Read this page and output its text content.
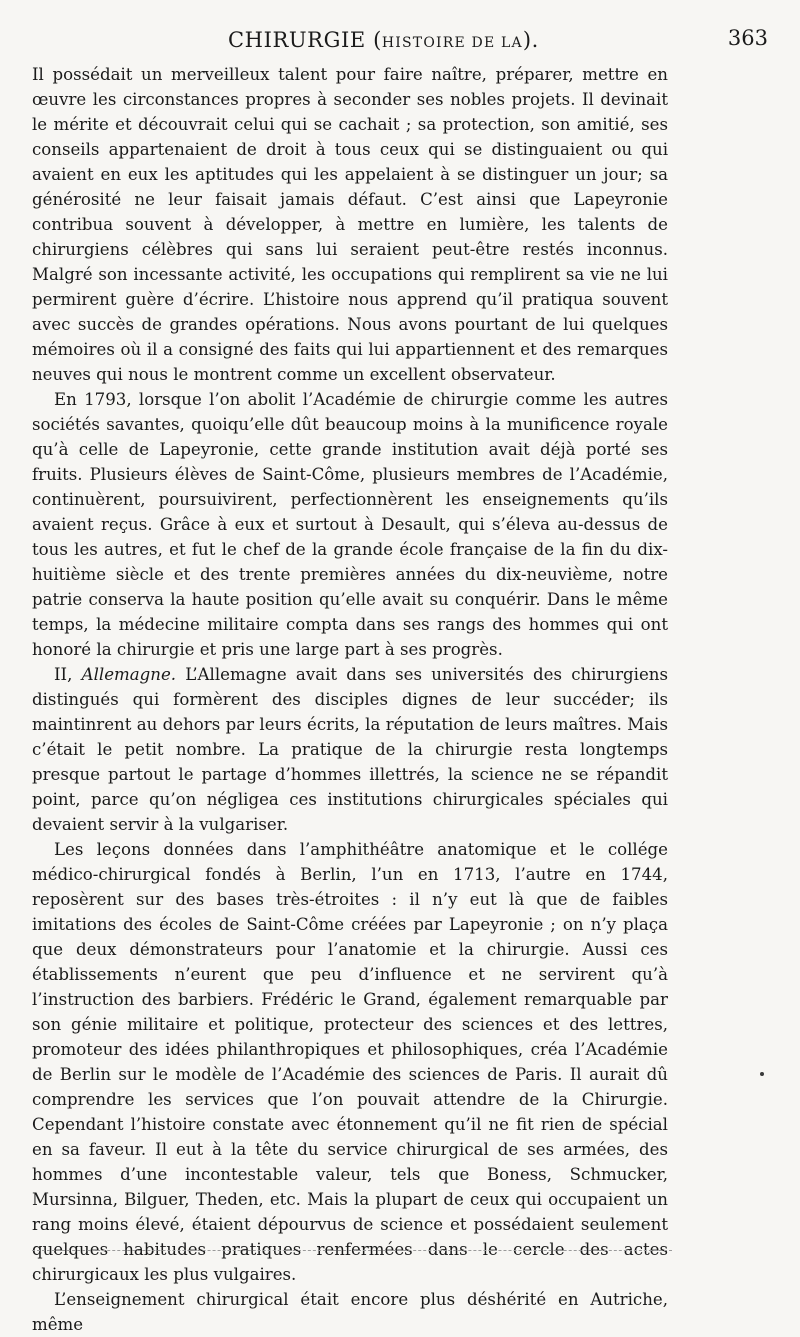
CHIRURGIE (HISTOIRE DE LA).	363

Il possédait un merveilleux talent pour faire naître, préparer, mettre en œuvre les circonstances propres à seconder ses nobles projets. Il devinait le mérite et découvrait celui qui se cachait ; sa protection, son amitié, ses conseils appartenaient de droit à tous ceux qui se distinguaient ou qui avaient en eux les aptitudes qui les appelaient à se distinguer un jour; sa générosité ne leur faisait jamais défaut. C’est ainsi que Lapeyronie contribua souvent à développer, à mettre en lumière, les talents de chirurgiens célèbres qui sans lui seraient peut-être restés inconnus. Malgré son incessante activité, les occupations qui remplirent sa vie ne lui permirent guère d’écrire. L’histoire nous apprend qu’il pratiqua souvent avec succès de grandes opérations. Nous avons pourtant de lui quelques mémoires où il a consigné des faits qui lui appartiennent et des remarques neuves qui nous le montrent comme un excellent observateur.

En 1793, lorsque l’on abolit l’Académie de chirurgie comme les autres sociétés savantes, quoiqu’elle dût beaucoup moins à la munificence royale qu’à celle de Lapeyronie, cette grande institution avait déjà porté ses fruits. Plusieurs élèves de Saint-Côme, plusieurs membres de l’Académie, continuèrent, poursuivirent, perfectionnèrent les enseignements qu’ils avaient reçus. Grâce à eux et surtout à Desault, qui s’éleva au-dessus de tous les autres, et fut le chef de la grande école française de la fin du dix-huitième siècle et des trente premières années du dix-neuvième, notre patrie conserva la haute position qu’elle avait su conquérir. Dans le même temps, la médecine militaire compta dans ses rangs des hommes qui ont honoré la chirurgie et pris une large part à ses progrès.

II, Allemagne. L’Allemagne avait dans ses universités des chirurgiens distingués qui formèrent des disciples dignes de leur succéder; ils maintinrent au dehors par leurs écrits, la réputation de leurs maîtres. Mais c’était le petit nombre. La pratique de la chirurgie resta longtemps presque partout le partage d’hommes illettrés, la science ne se répandit point, parce qu’on négligea ces institutions chirurgicales spéciales qui devaient servir à la vulgariser.

Les leçons données dans l’amphithéâtre anatomique et le collége médico-chirurgical fondés à Berlin, l’un en 1713, l’autre en 1744, reposèrent sur des bases très-étroites : il n’y eut là que de faibles imitations des écoles de Saint-Côme créées par Lapeyronie ; on n’y plaça que deux démonstrateurs pour l’anatomie et la chirurgie. Aussi ces établissements n’eurent que peu d’influence et ne servirent qu’à l’instruction des barbiers. Frédéric le Grand, également remarquable par son génie militaire et politique, protecteur des sciences et des lettres, promoteur des idées philanthropiques et philosophiques, créa l’Académie de Berlin sur le modèle de l’Académie des sciences de Paris. Il aurait dû comprendre les services que l’on pouvait attendre de la Chirurgie. Cependant l’histoire constate avec étonnement qu’il ne fit rien de spécial en sa faveur. Il eut à la tête du service chirurgical de ses armées, des hommes d’une incontestable valeur, tels que Boness, Schmucker, Mursinna, Bilguer, Theden, etc. Mais la plupart de ceux qui occupaient un rang moins élevé, étaient dépourvus de science et possédaient seulement quelques habitudes pratiques renfermées dans le cercle des actes chirurgicaux les plus vulgaires.

L’enseignement chirurgical était encore plus déshérité en Autriche, même
